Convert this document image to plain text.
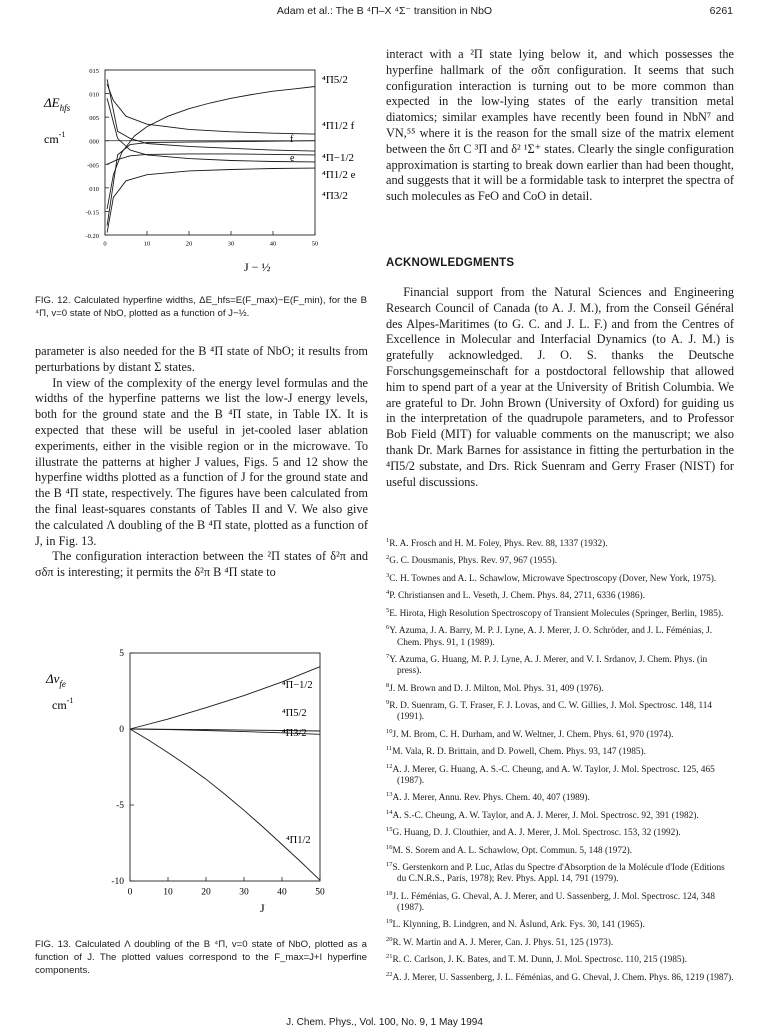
Adam et al.: The B ⁴Π–X ⁴Σ⁻ transition in NbO	6261
$\Delta E_{hfs}$
$cm^{-1}$
015
010
005
000
-005
010
-0.15
-0.20
0	10	20	30	40	50
⁴Π5/2
⁴Π1/2 f
f
e	⁴Π−1/2
⁴Π1/2 e
⁴Π3/2
J − ½
FIG. 12. Calculated hyperfine widths, ΔE_hfs=E(F_max)−E(F_min), for the B ⁴Π, v=0 state of NbO, plotted as a function of J−½.

parameter is also needed for the B ⁴Π state of NbO; it results from perturbations by distant Σ states.

In view of the complexity of the energy level formulas and the widths of the hyperfine patterns we list the low-J energy levels, both for the ground state and the B ⁴Π state, in Table IX. It is expected that these will be useful in jet-cooled laser ablation experiments, either in the visible region or in the microwave. To illustrate the patterns at higher J values, Figs. 5 and 12 show the hyperfine widths plotted as a function of J for the ground state and the B ⁴Π state, respectively. The figures have been calculated from the final least-squares constants of Tables II and V. We also give the calculated Λ doubling of the B ⁴Π state, plotted as a function of J, in Fig. 13.

The configuration interaction between the ²Π states of δ²π and σδπ is interesting; it permits the δ²π B ⁴Π state to

$\Delta\nu_{fe}$
$cm^{-1}$
5
0
-5
-10
0	10	20	30	40	50
⁴Π−1/2
⁴Π5/2
⁴Π3/2
⁴Π1/2
J
FIG. 13. Calculated Λ doubling of the B ⁴Π, v=0 state of NbO, plotted as a function of J. The plotted values correspond to the F_max=J+I hyperfine components.

interact with a ²Π state lying below it, and which possesses the hyperfine hallmark of the σδπ configuration. It seems that such configuration interaction is turning out to be more common than expected in the low-lying states of the early transition metal diatomics; similar examples have recently been found in NbN⁷ and VN,⁵⁵ where it is the reason for the small size of the matrix element between the δπ C ³Π and δ² ¹Σ⁺ states. Clearly the single configuration approximation is starting to break down earlier than had been thought, and suggests that it will be a formidable task to interpret the spectra of such molecules as FeO and CoO in detail.

ACKNOWLEDGMENTS

Financial support from the Natural Sciences and Engineering Research Council of Canada (to A. J. M.), from the Conseil Général des Alpes-Maritimes (to G. C. and J. L. F.) and from the Centres of Excellence in Molecular and Interfacial Dynamics (to A. J. M.) is gratefully acknowledged. J. O. S. thanks the Deutsche Forschungsgemeinschaft for a postdoctoral fellowship that allowed him to spend part of a year at the University of British Columbia. We are grateful to Dr. John Brown (University of Oxford) for guiding us in the interpretation of the quadrupole parameters, and to Professor Bob Field (MIT) for valuable comments on the manuscript; we also thank Dr. Mark Barnes for assistance in fitting the perturbation in the ⁴Π5/2 substate, and Drs. Rick Suenram and Gerry Fraser (NIST) for useful discussions.

$^1$R. A. Frosch and H. M. Foley, Phys. Rev. 88, 1337 (1932).
$^2$G. C. Dousmanis, Phys. Rev. 97, 967 (1955).
$^3$C. H. Townes and A. L. Schawlow, Microwave Spectroscopy (Dover, New York, 1975).
$^4$P. Christiansen and L. Veseth, J. Chem. Phys. 84, 2711, 6336 (1986).
$^5$E. Hirota, High Resolution Spectroscopy of Transient Molecules (Springer, Berlin, 1985).
$^6$Y. Azuma, J. A. Barry, M. P. J. Lyne, A. J. Merer, J. O. Schröder, and J. L. Féménias, J. Chem. Phys. 91, 1 (1989).
$^7$Y. Azuma, G. Huang, M. P. J. Lyne, A. J. Merer, and V. I. Srdanov, J. Chem. Phys. (in press).
$^8$J. M. Brown and D. J. Milton, Mol. Phys. 31, 409 (1976).
$^9$R. D. Suenram, G. T. Fraser, F. J. Lovas, and C. W. Gillies, J. Mol. Spectrosc. 148, 114 (1991).
$^{10}$J. M. Brom, C. H. Durham, and W. Weltner, J. Chem. Phys. 61, 970 (1974).
$^{11}$M. Vala, R. D. Brittain, and D. Powell, Chem. Phys. 93, 147 (1985).
$^{12}$A. J. Merer, G. Huang, A. S.-C. Cheung, and A. W. Taylor, J. Mol. Spectrosc. 125, 465 (1987).
$^{13}$A. J. Merer, Annu. Rev. Phys. Chem. 40, 407 (1989).
$^{14}$A. S.-C. Cheung, A. W. Taylor, and A. J. Merer, J. Mol. Spectrosc. 92, 391 (1982).
$^{15}$G. Huang, D. J. Clouthier, and A. J. Merer, J. Mol. Spectrosc. 153, 32 (1992).
$^{16}$M. S. Sorem and A. L. Schawlow, Opt. Commun. 5, 148 (1972).
$^{17}$S. Gerstenkorn and P. Luc, Atlas du Spectre d'Absorption de la Molécule d'Iode (Editions du C.N.R.S., Paris, 1978); Rev. Phys. Appl. 14, 791 (1979).
$^{18}$J. L. Féménias, G. Cheval, A. J. Merer, and U. Sassenberg, J. Mol. Spectrosc. 124, 348 (1987).
$^{19}$L. Klynning, B. Lindgren, and N. Åslund, Ark. Fys. 30, 141 (1965).
$^{20}$R. W. Martin and A. J. Merer, Can. J. Phys. 51, 125 (1973).
$^{21}$R. C. Carlson, J. K. Bates, and T. M. Dunn, J. Mol. Spectrosc. 110, 215 (1985).
$^{22}$A. J. Merer, U. Sassenberg, J. L. Féménias, and G. Cheval, J. Chem. Phys. 86, 1219 (1987).
J. Chem. Phys., Vol. 100, No. 9, 1 May 1994
